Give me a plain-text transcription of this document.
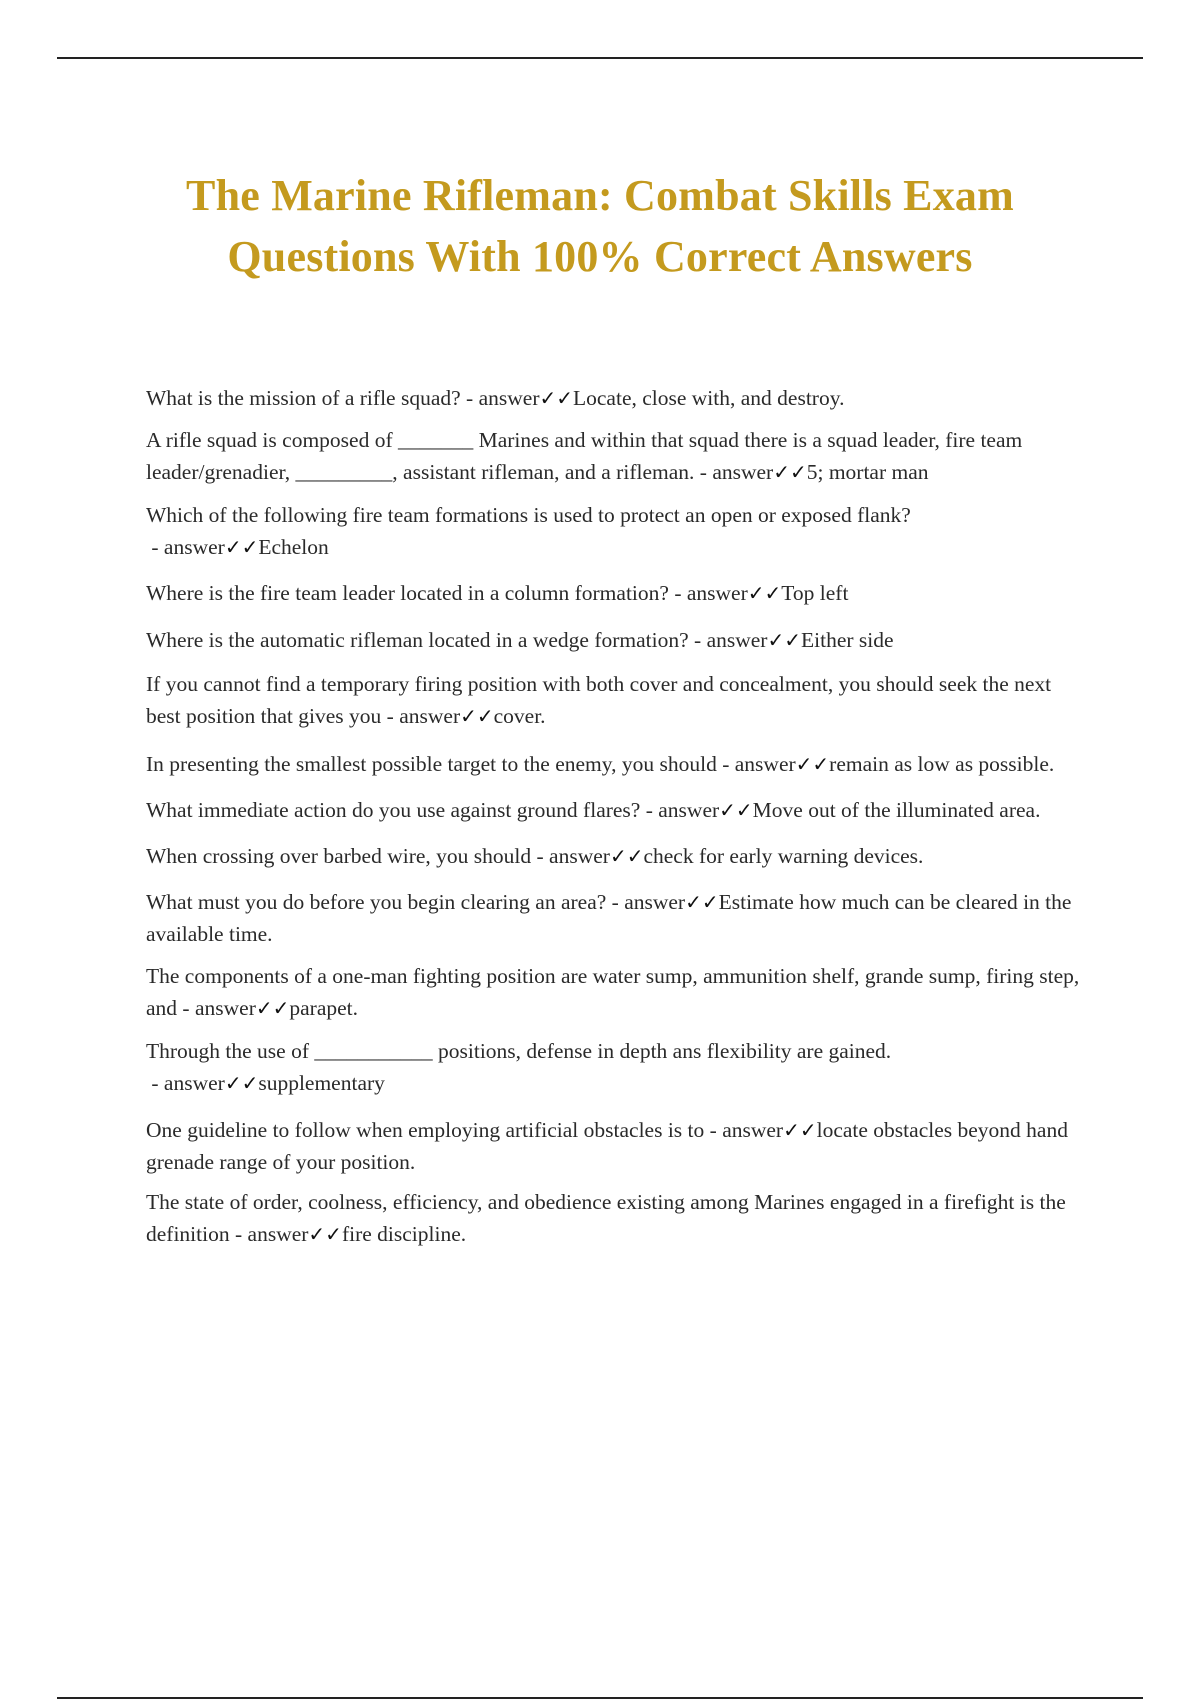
The Marine Rifleman: Combat Skills Exam Questions With 100% Correct Answers
What is the mission of a rifle squad? - answer✓✓Locate, close with, and destroy.
A rifle squad is composed of _______ Marines and within that squad there is a squad leader, fire team leader/grenadier, _________, assistant rifleman, and a rifleman. - answer✓✓5; mortar man
Which of the following fire team formations is used to protect an open or exposed flank? - answer✓✓Echelon
Where is the fire team leader located in a column formation? - answer✓✓Top left
Where is the automatic rifleman located in a wedge formation? - answer✓✓Either side
If you cannot find a temporary firing position with both cover and concealment, you should seek the next best position that gives you - answer✓✓cover.
In presenting the smallest possible target to the enemy, you should - answer✓✓remain as low as possible.
What immediate action do you use against ground flares? - answer✓✓Move out of the illuminated area.
When crossing over barbed wire, you should - answer✓✓check for early warning devices.
What must you do before you begin clearing an area? - answer✓✓Estimate how much can be cleared in the available time.
The components of a one-man fighting position are water sump, ammunition shelf, grande sump, firing step, and - answer✓✓parapet.
Through the use of ___________ positions, defense in depth ans flexibility are gained. - answer✓✓supplementary
One guideline to follow when employing artificial obstacles is to - answer✓✓locate obstacles beyond hand grenade range of your position.
The state of order, coolness, efficiency, and obedience existing among Marines engaged in a firefight is the definition - answer✓✓fire discipline.
